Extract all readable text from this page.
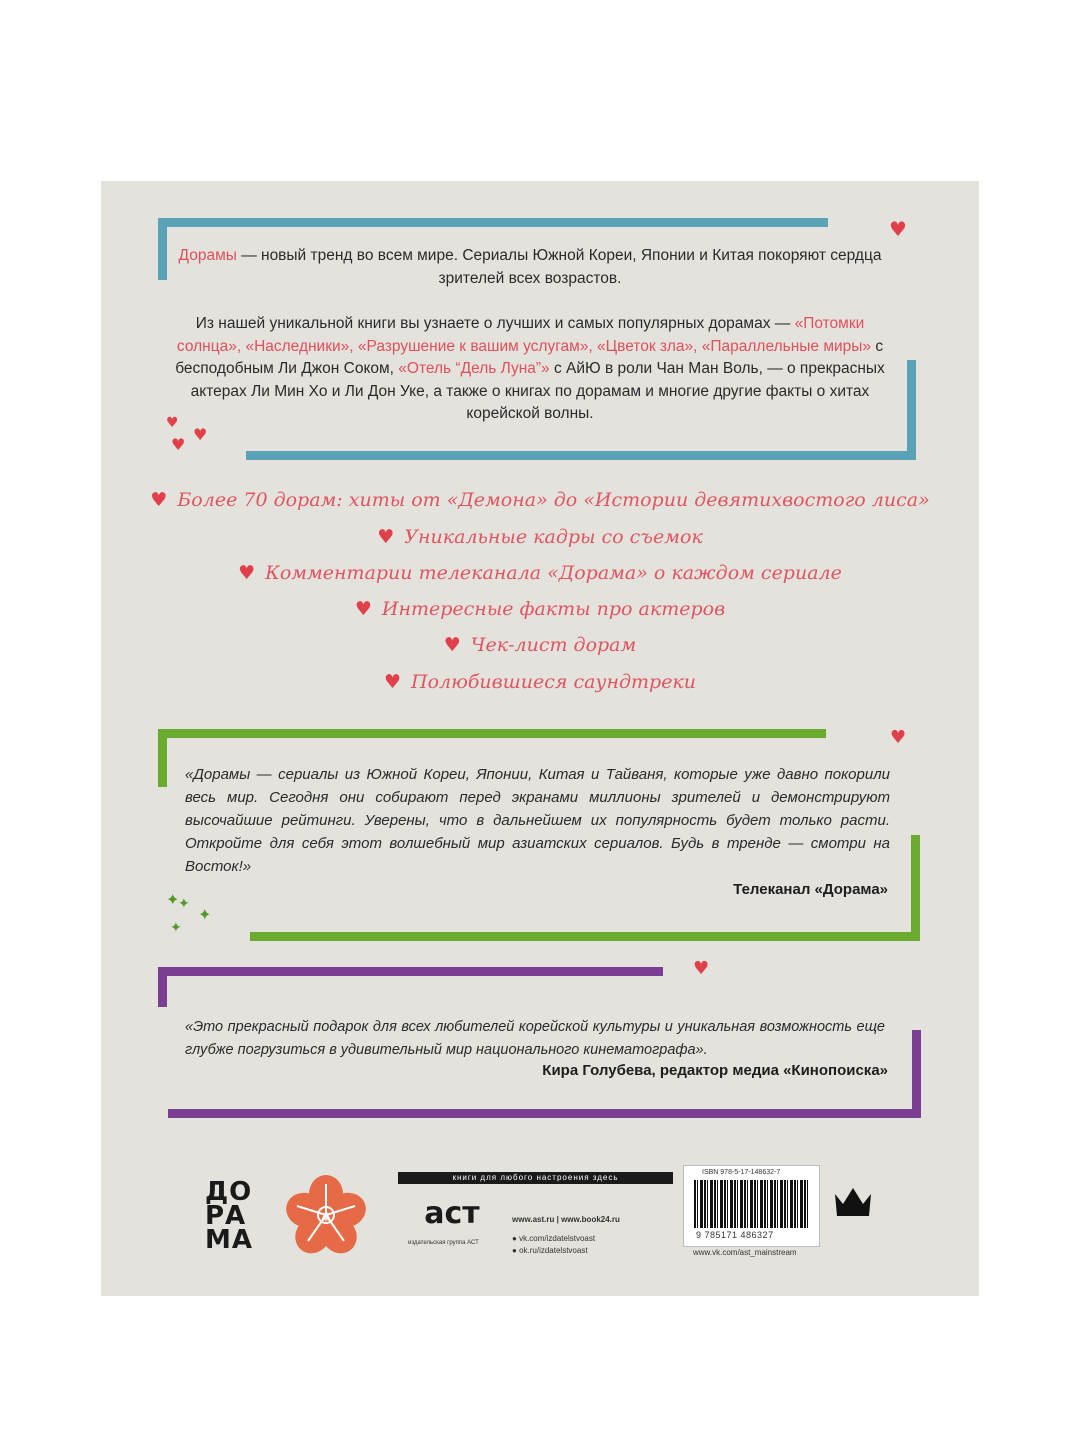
♥
♥
♥
♥
Дорамы — новый тренд во всем мире. Сериалы Южной Кореи, Японии и Китая покоряют сердца зрителей всех возрастов.
Из нашей уникальной книги вы узнаете о лучших и самых популярных дорамах — «Потомки солнца», «Наследники», «Разрушение к вашим услугам», «Цветок зла», «Параллельные миры» с бесподобным Ли Джон Соком, «Отель “Дель Луна”» с АйЮ в роли Чан Ман Воль, — о прекрасных актерах Ли Мин Хо и Ли Дон Уке, а также о книгах по дорамам и многие другие факты о хитах корейской волны.
♥ Более 70 дорам: хиты от «Демона» до «Истории девятихвостого лиса»
♥ Уникальные кадры со съемок
♥ Комментарии телеканала «Дорама» о каждом сериале
♥ Интересные факты про актеров
♥ Чек-лист дорам
♥ Полюбившиеся саундтреки
♥
✦
✦
✦
✦
«Дорамы — сериалы из Южной Кореи, Японии, Китая и Тайваня, которые уже давно покорили весь мир. Сегодня они собирают перед экранами миллионы зрителей и демонстрируют высочайшие рейтинги. Уверены, что в дальнейшем их популярность будет только расти. Откройте для себя этот волшебный мир азиатских сериалов. Будь в тренде — смотри на Восток!»
Телеканал «Дорама»
♥
«Это прекрасный подарок для всех любителей корейской культуры и уникальная возможность еще глубже погрузиться в удивительный мир национального кинематографа».
Кира Голубева, редактор медиа «Кинопоиска»
ДОРАМА
книги для любого настроения здесь
аст
издательская группа АСТ
www.ast.ru | www.book24.ru
● vk.com/izdatelstvoast
● ok.ru/izdatelstvoast
ISBN 978-5-17-148632-7
9 785171 486327
www.vk.com/ast_mainstream
